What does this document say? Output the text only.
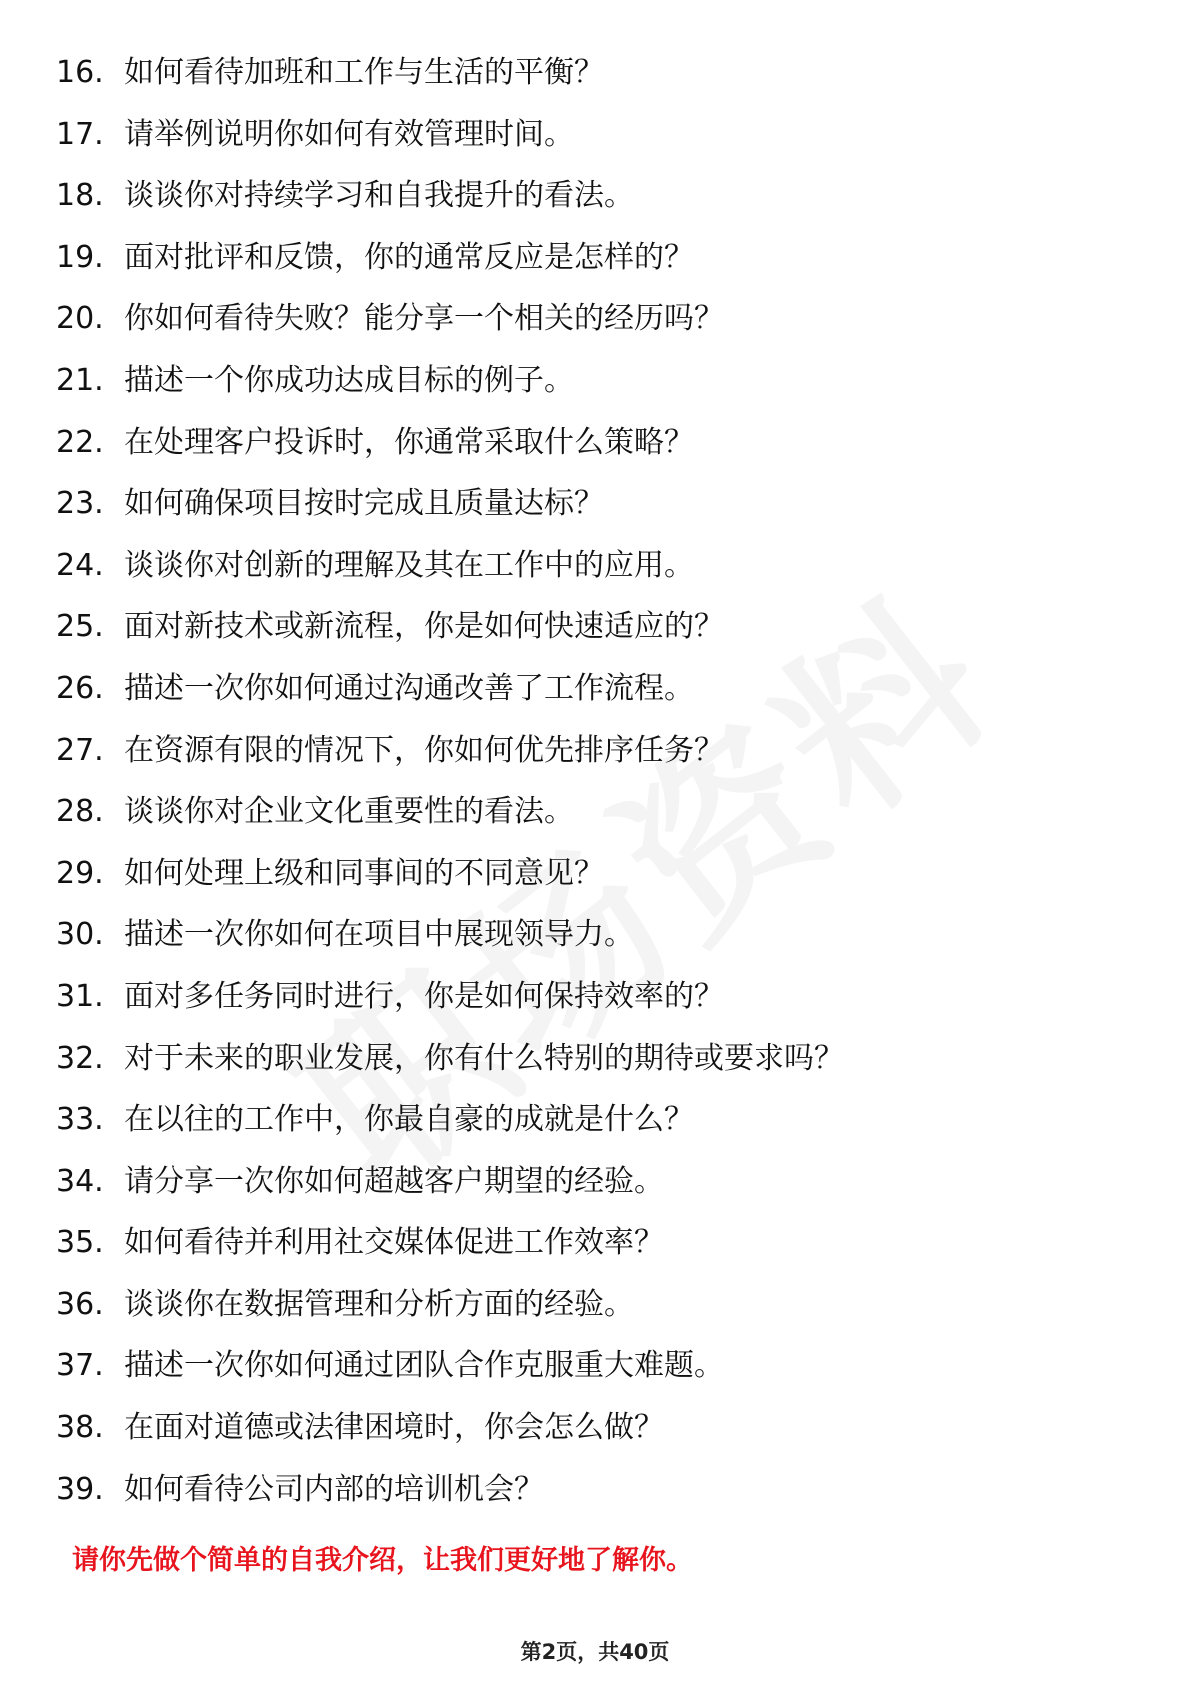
16. 如何看待加班和工作与生活的平衡？
17. 请举例说明你如何有效管理时间。
18. 谈谈你对持续学习和自我提升的看法。
19. 面对批评和反馈，你的通常反应是怎样的？
20. 你如何看待失败？能分享一个相关的经历吗？
21. 描述一个你成功达成目标的例子。
22. 在处理客户投诉时，你通常采取什么策略？
23. 如何确保项目按时完成且质量达标？
24. 谈谈你对创新的理解及其在工作中的应用。
25. 面对新技术或新流程，你是如何快速适应的？
26. 描述一次你如何通过沟通改善了工作流程。
27. 在资源有限的情况下，你如何优先排序任务？
28. 谈谈你对企业文化重要性的看法。
29. 如何处理上级和同事间的不同意见？
30. 描述一次你如何在项目中展现领导力。
31. 面对多任务同时进行，你是如何保持效率的？
32. 对于未来的职业发展，你有什么特别的期待或要求吗？
33. 在以往的工作中，你最自豪的成就是什么？
34. 请分享一次你如何超越客户期望的经验。
35. 如何看待并利用社交媒体促进工作效率？
36. 谈谈你在数据管理和分析方面的经验。
37. 描述一次你如何通过团队合作克服重大难题。
38. 在面对道德或法律困境时，你会怎么做？
39. 如何看待公司内部的培训机会？
请你先做个简单的自我介绍，让我们更好地了解你。
第2页，共40页
